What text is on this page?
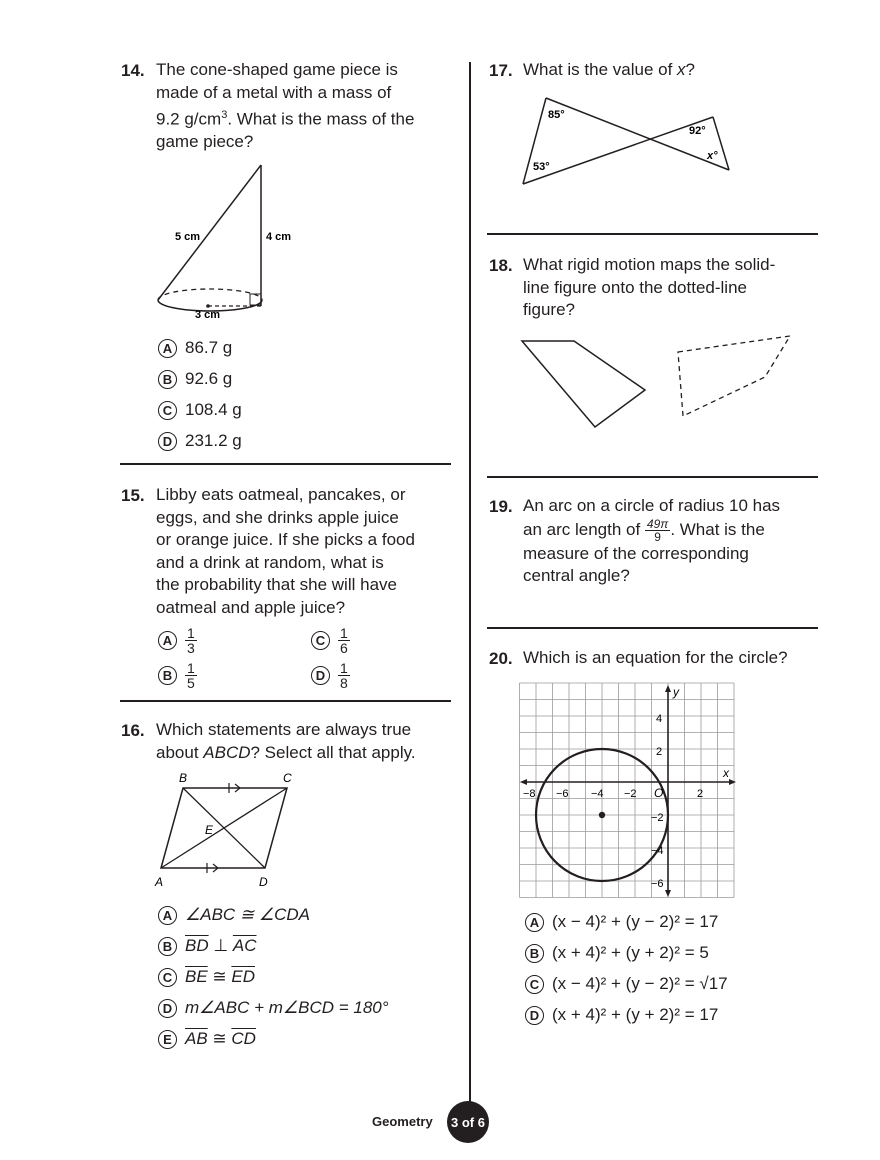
14. The cone-shaped game piece is
made of a metal with a mass of
9.2 $g/cm^3$. What is the mass of the
game piece?
5 cm	4 cm
3 cm
A 86.7 g
B 92.6 g
C 108.4 g
D 231.2 g
15. Libby eats oatmeal, pancakes, or
eggs, and she drinks apple juice
or orange juice. If she picks a food
and a drink at random, what is
the probability that she will have
oatmeal and apple juice?
A $\frac{1}{3}$	C $\frac{1}{6}$
B $\frac{1}{5}$	D $\frac{1}{8}$
16. Which statements are always true
about ABCD? Select all that apply.
B	C
A	D
E
A ∠ABC ≅ ∠CDA
B $\overline{BD}$ ⊥ $\overline{AC}$
C $\overline{BE}$ ≅ $\overline{ED}$
D m∠ABC + m∠BCD = 180°
E $\overline{AB}$ ≅ $\overline{CD}$
17. What is the value of x?
85°
53°
92°
x°
18. What rigid motion maps the solid-
line figure onto the dotted-line
figure?
19. An arc on a circle of radius 10 has
an arc length of $\frac{49\pi}{9}$ . What is the
measure of the corresponding
central angle?
20. Which is an equation for the circle?
x
y
O
−8 −6 −4 −2	2
4
2
−2
−4
−6
A (x − 4)² + (y − 2)² = 17
B (x + 4)² + (y + 2)² = 5
C (x − 4)² + (y − 2)² = √17
D (x + 4)² + (y + 2)² = 17
Geometry	3 of 6
